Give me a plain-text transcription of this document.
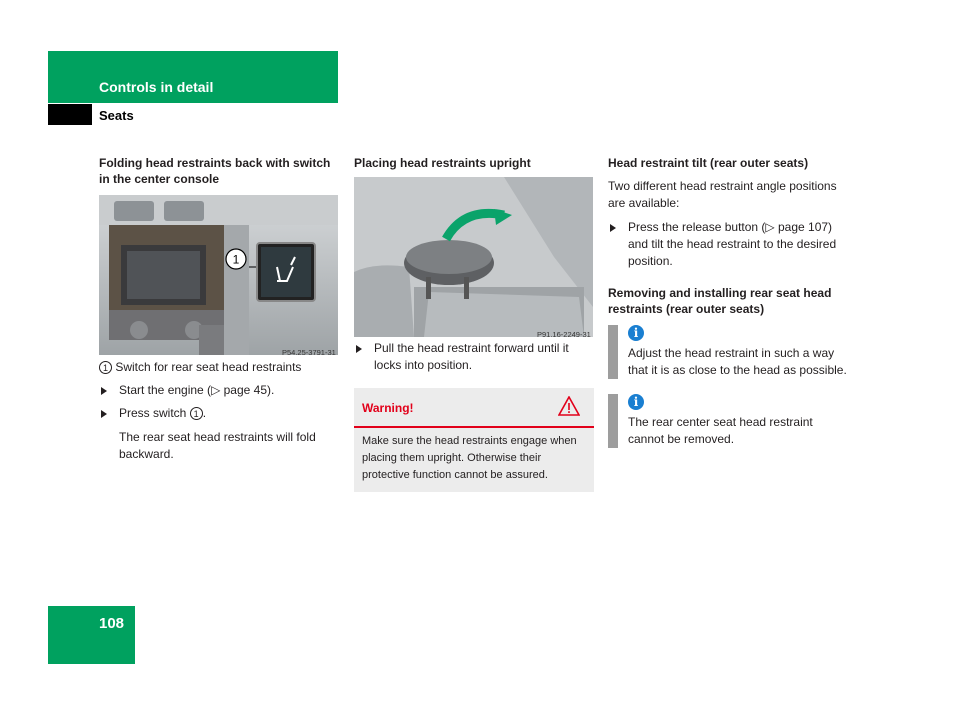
Controls in detail
Seats
Folding head restraints back with switch in the center console
1
P54.25-3791-31

1 Switch for rear seat head restraints

Start the engine (▷ page 45).

Press switch 1 .

The rear seat head restraints will fold backward.

Placing head restraints upright
P91.16-2249-31

Pull the head restraint forward until it locks into position.

Warning!
Make sure the head restraints engage when placing them upright. Otherwise their protective function cannot be assured.
Head restraint tilt (rear outer seats)

Two different head restraint angle positions are available:

Press the release button (▷ page 107) and tilt the head restraint to the desired position.

Removing and installing rear seat head restraints (rear outer seats)
i

Adjust the head restraint in such a way that it is as close to the head as possible.

i

The rear center seat head restraint cannot be removed.

108
